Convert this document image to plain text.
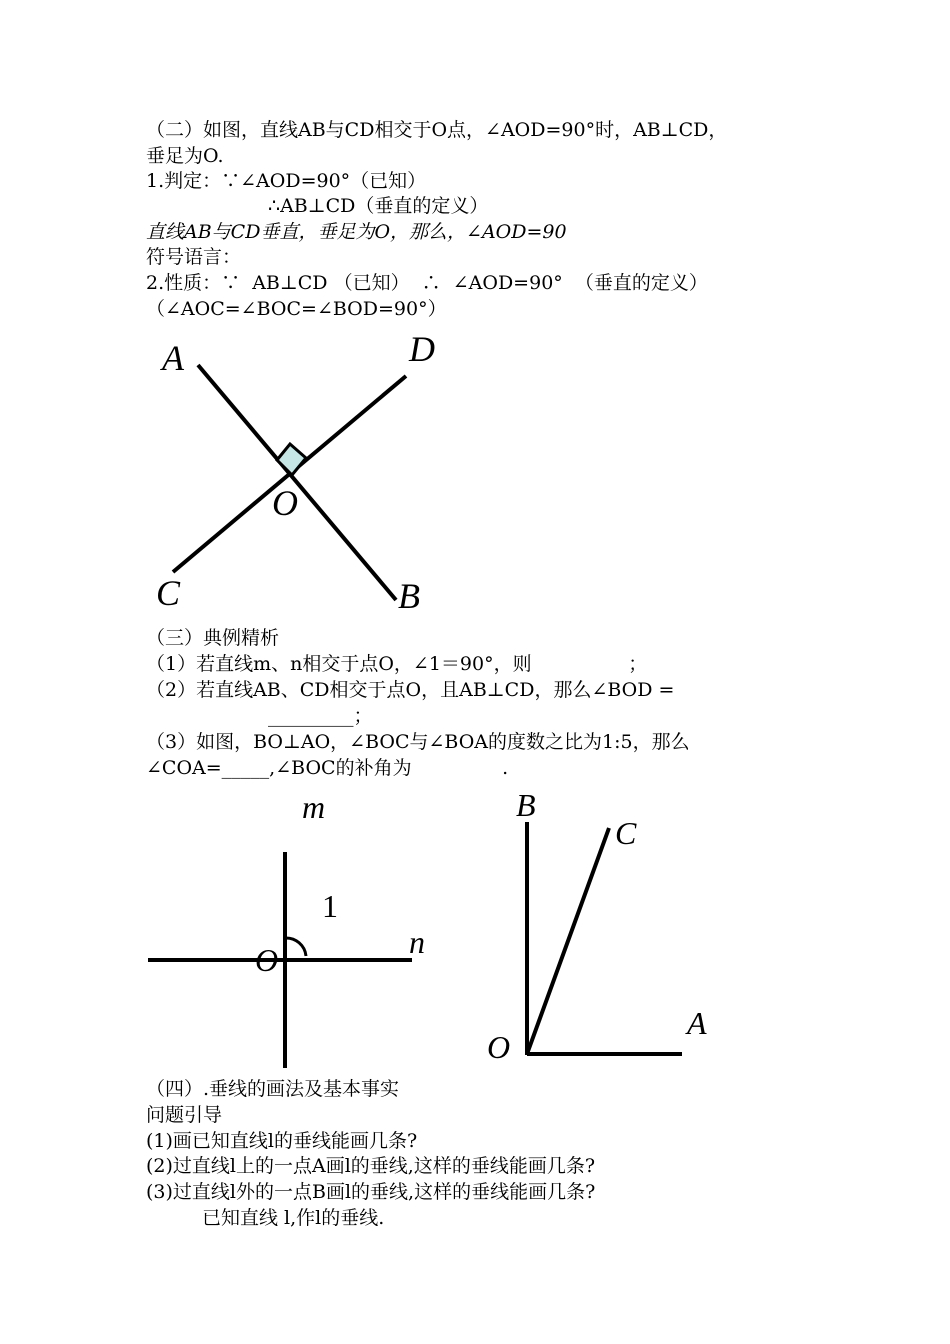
（二）如图，直线AB与CD相交于O点，∠AOD=90°时，AB⊥CD，
垂足为O.
1.判定：∵∠AOD=90°（已知）
∴AB⊥CD（垂直的定义）
直线AB与CD垂直，垂足为O，那么，∠AOD=90
符号语言：
2.性质：∵  AB⊥CD （已知）  ∴  ∠AOD=90°  （垂直的定义）
（∠AOC=∠BOC=∠BOD=90°）
A	D
O
C	B
（三）典例精析
（1）若直线m、n相交于点O，∠1＝90°，则                ；
（2）若直线AB、CD相交于点O，且AB⊥CD，那么∠BOD =
_________；
（3）如图，BO⊥AO，∠BOC与∠BOA的度数之比为1:5，那么
∠COA=_____,∠BOC的补角为               .
m
1
n
O
B
C
A
O
（四）.垂线的画法及基本事实
问题引导
(1)画已知直线l的垂线能画几条?
(2)过直线l上的一点A画l的垂线,这样的垂线能画几条?
(3)过直线l外的一点B画l的垂线,这样的垂线能画几条?
已知直线 l,作l的垂线.
